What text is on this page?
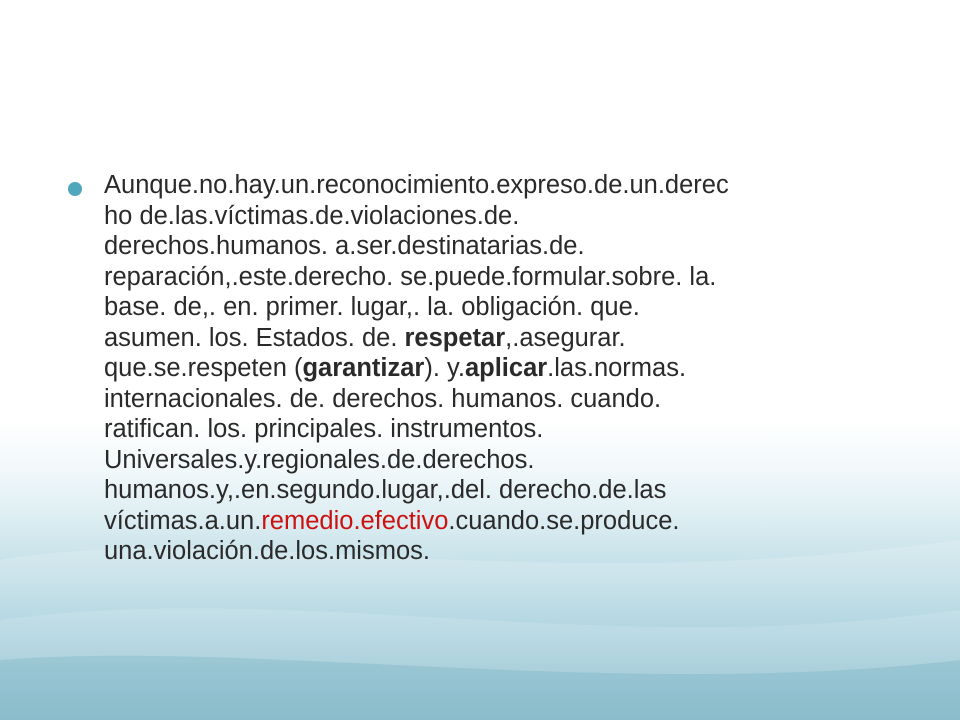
Aunque.no.hay.un.reconocimiento.expreso.de.un.derec
ho de.las.víctimas.de.violaciones.de.
derechos.humanos. a.ser.destinatarias.de.
reparación,.este.derecho. se.puede.formular.sobre. la.
base. de,. en. primer. lugar,. la. obligación. que.
asumen. los. Estados. de. respetar,.asegurar.
que.se.respeten (garantizar). y.aplicar.las.normas.
internacionales. de. derechos. humanos. cuando.
ratifican. los. principales. instrumentos.
Universales.y.regionales.de.derechos.
humanos.y,.en.segundo.lugar,.del. derecho.de.las
víctimas.a.un.remedio.efectivo.cuando.se.produce.
una.violación.de.los.mismos.
